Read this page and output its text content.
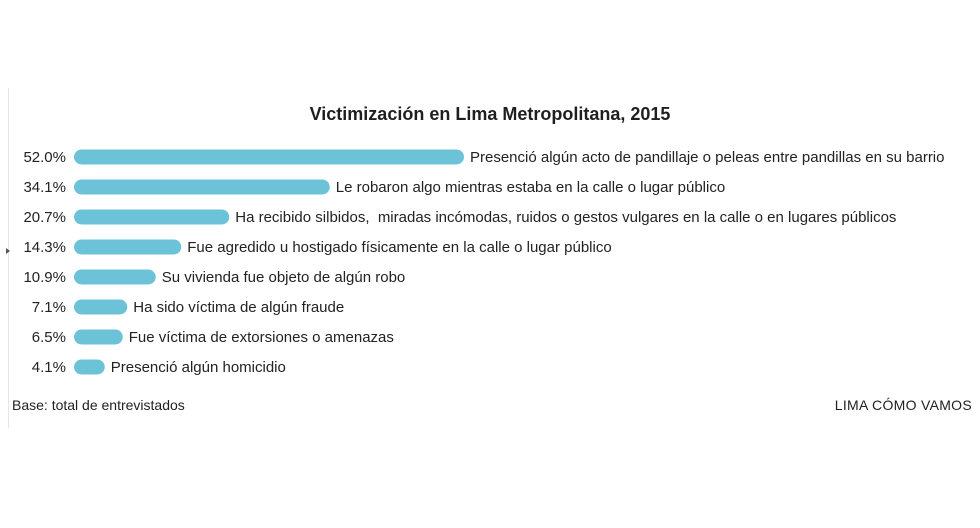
Victimización en Lima Metropolitana, 2015
52.0%	Presenció algún acto de pandillaje o peleas entre pandillas en su barrio
34.1%	Le robaron algo mientras estaba en la calle o lugar público
20.7%	Ha recibido silbidos,  miradas incómodas, ruidos o gestos vulgares en la calle o en lugares públicos
14.3%	Fue agredido u hostigado físicamente en la calle o lugar público
10.9%	Su vivienda fue objeto de algún robo
7.1%	Ha sido víctima de algún fraude
6.5%	Fue víctima de extorsiones o amenazas
4.1%	Presenció algún homicidio
Base: total de entrevistados	LIMA CÓMO VAMOS
